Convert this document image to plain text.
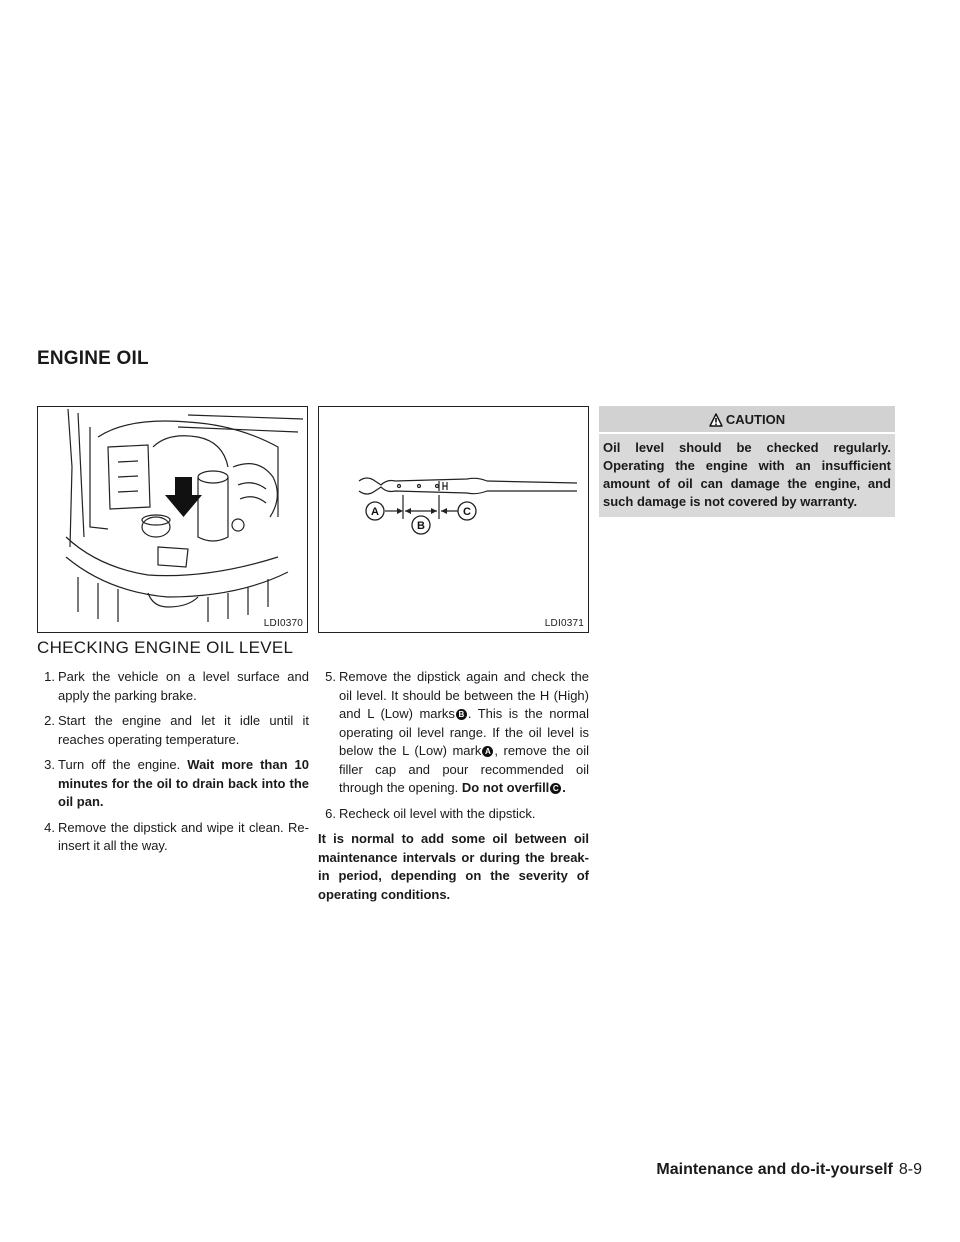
ENGINE OIL
LDI0370
A
B
C
LDI0371
CAUTION

Oil level should be checked regularly. Operating the engine with an insufficient amount of oil can damage the engine, and such damage is not covered by warranty.

CHECKING ENGINE OIL LEVEL
1. Park the vehicle on a level surface and apply the parking brake.
2. Start the engine and let it idle until it reaches operating temperature.
3. Turn off the engine. Wait more than 10 minutes for the oil to drain back into the oil pan.
4. Remove the dipstick and wipe it clean. Re-insert it all the way.
5. Remove the dipstick again and check the oil level. It should be between the H (High) and L (Low) marks B . This is the normal operating oil level range. If the oil level is below the L (Low) mark A , remove the oil filler cap and pour recommended oil through the opening. Do not overfill C .
6. Recheck oil level with the dipstick.

It is normal to add some oil between oil maintenance intervals or during the break-in period, depending on the severity of operating conditions.

Maintenance and do-it-yourself 8-9
